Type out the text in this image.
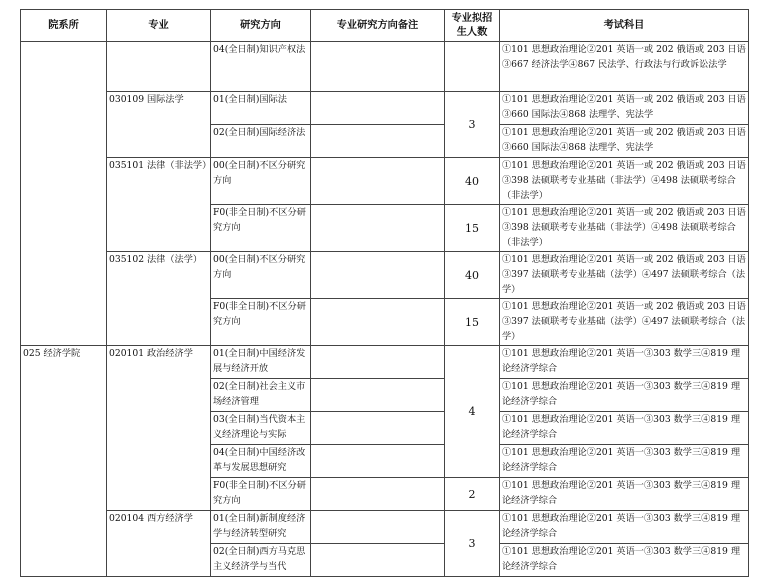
院系所	专业	研究方向	专业研究方向备注	专业拟招生人数	考试科目
		04(全日制)知识产权法			①101 思想政治理论②201 英语一或 202 俄语或 203 日语③667 经济法学④867 民法学、行政法与行政诉讼法学
	030109 国际法学	01(全日制)国际法		3	①101 思想政治理论②201 英语一或 202 俄语或 203 日语③660 国际法④868 法理学、宪法学
		02(全日制)国际经济法			①101 思想政治理论②201 英语一或 202 俄语或 203 日语③660 国际法④868 法理学、宪法学
	035101 法律（非法学）	00(全日制)不区分研究方向		40	①101 思想政治理论②201 英语一或 202 俄语或 203 日语③398 法硕联考专业基础（非法学）④498 法硕联考综合（非法学）
		F0(非全日制)不区分研究方向		15	①101 思想政治理论②201 英语一或 202 俄语或 203 日语③398 法硕联考专业基础（非法学）④498 法硕联考综合（非法学）
	035102 法律（法学）	00(全日制)不区分研究方向		40	①101 思想政治理论②201 英语一或 202 俄语或 203 日语③397 法硕联考专业基础（法学）④497 法硕联考综合（法学）
		F0(非全日制)不区分研究方向		15	①101 思想政治理论②201 英语一或 202 俄语或 203 日语③397 法硕联考专业基础（法学）④497 法硕联考综合（法学）
025 经济学院	020101 政治经济学	01(全日制)中国经济发展与经济开放		4	①101 思想政治理论②201 英语一③303 数学三④819 理论经济学综合
		02(全日制)社会主义市场经济管理			①101 思想政治理论②201 英语一③303 数学三④819 理论经济学综合
		03(全日制)当代资本主义经济理论与实际			①101 思想政治理论②201 英语一③303 数学三④819 理论经济学综合
		04(全日制)中国经济改革与发展思想研究			①101 思想政治理论②201 英语一③303 数学三④819 理论经济学综合
		F0(非全日制)不区分研究方向		2	①101 思想政治理论②201 英语一③303 数学三④819 理论经济学综合
	020104 西方经济学	01(全日制)新制度经济学与经济转型研究		3	①101 思想政治理论②201 英语一③303 数学三④819 理论经济学综合
		02(全日制)西方马克思主义经济学与当代			①101 思想政治理论②201 英语一③303 数学三④819 理论经济学综合
